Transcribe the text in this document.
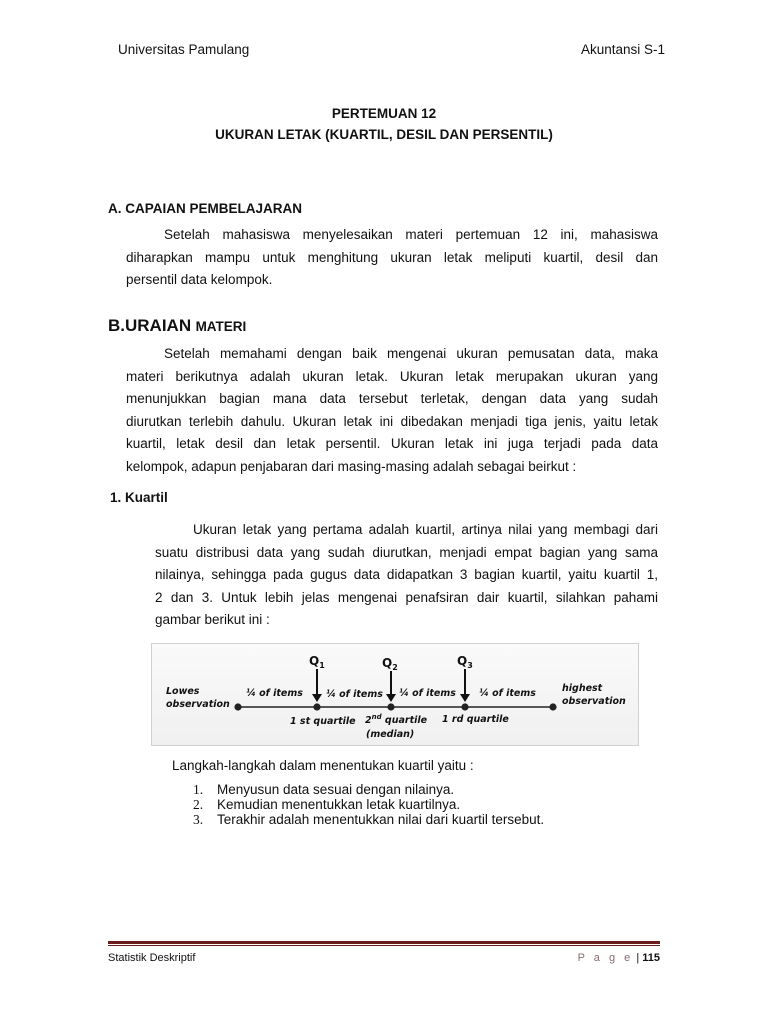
Universitas Pamulang	Akuntansi S-1
PERTEMUAN 12
UKURAN LETAK (KUARTIL, DESIL DAN PERSENTIL)
A. CAPAIAN PEMBELAJARAN
Setelah mahasiswa menyelesaikan materi pertemuan 12 ini, mahasiswa
diharapkan mampu untuk menghitung ukuran letak meliputi kuartil, desil dan
persentil data kelompok.
B.URAIAN MATERI
Setelah memahami dengan baik mengenai ukuran pemusatan data, maka
materi berikutnya adalah ukuran letak. Ukuran letak merupakan ukuran yang
menunjukkan bagian mana data tersebut terletak, dengan data yang sudah
diurutkan terlebih dahulu. Ukuran letak ini dibedakan menjadi tiga jenis, yaitu letak
kuartil, letak desil dan letak persentil. Ukuran letak ini juga terjadi pada data
kelompok, adapun penjabaran dari masing-masing adalah sebagai beirkut :
1. Kuartil
Ukuran letak yang pertama adalah kuartil, artinya nilai yang membagi dari
suatu distribusi data yang sudah diurutkan, menjadi empat bagian yang sama
nilainya, sehingga pada gugus data didapatkan 3 bagian kuartil, yaitu kuartil 1,
2 dan 3. Untuk lebih jelas mengenai penafsiran dair kuartil, silahkan pahami
gambar berikut ini :
$Q_1$	$Q_2$	$Q_3$
Lowes
observation
highest
observation
¼ of items ¼ of items ¼ of items ¼ of items
1 st quartile 2nd quartile
(median)
1 rd quartile
Langkah-langkah dalam menentukan kuartil yaitu :
1.	Menyusun data sesuai dengan nilainya.
2.	Kemudian menentukkan letak kuartilnya.
3.	Terakhir adalah menentukkan nilai dari kuartil tersebut.
Statistik Deskriptif	P a g e | 115
